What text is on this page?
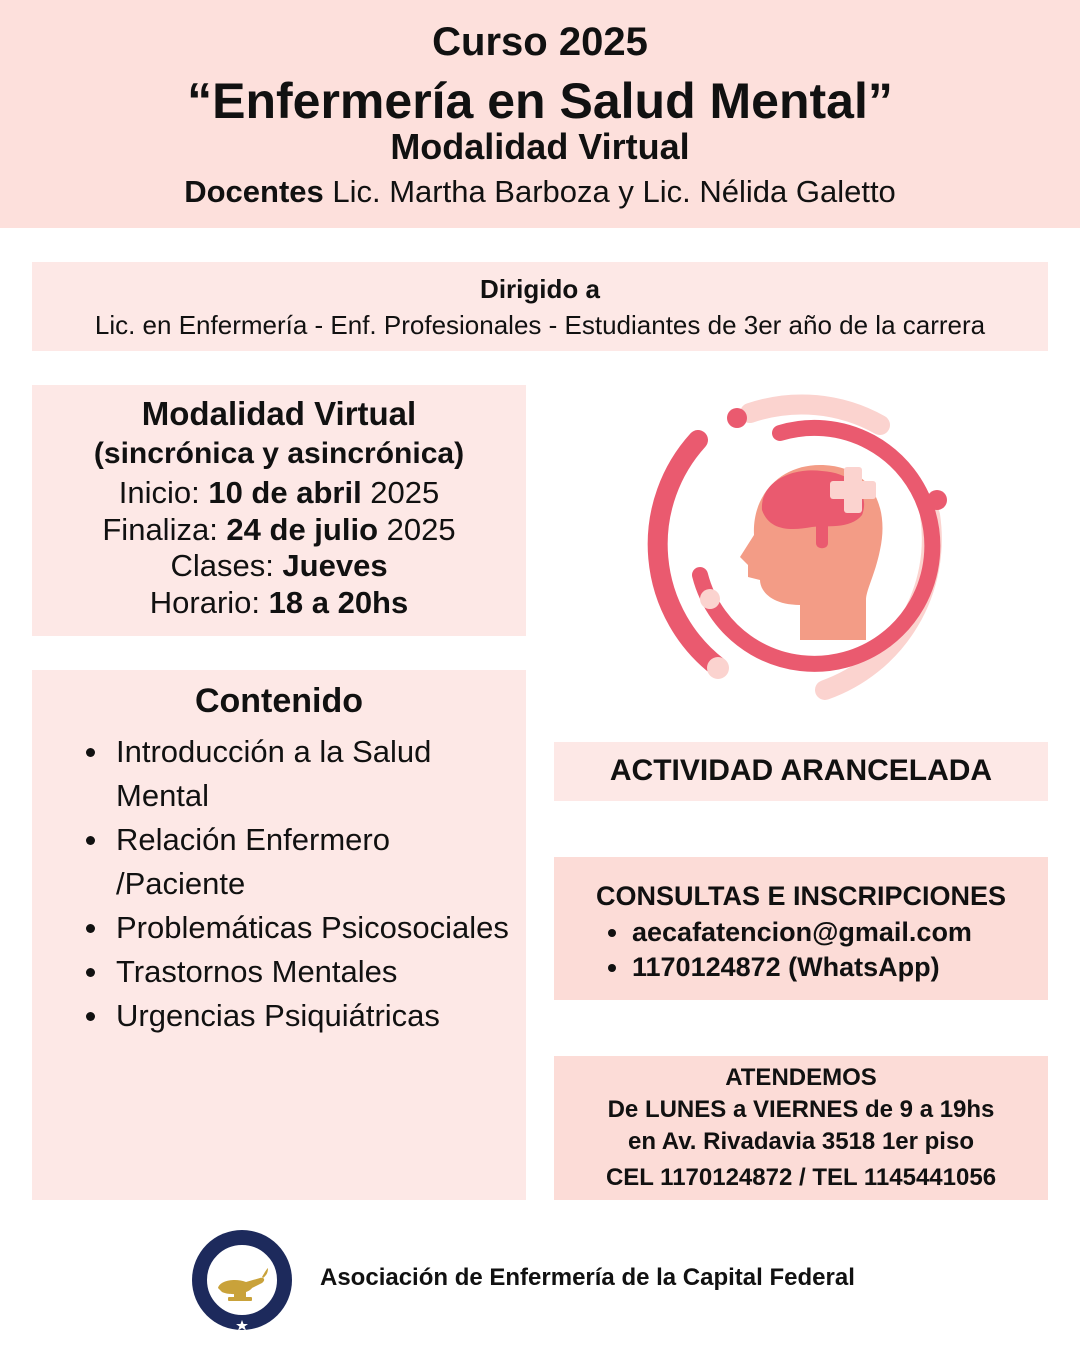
Curso 2025
“Enfermería en Salud Mental”
Modalidad Virtual
Docentes Lic. Martha Barboza y Lic. Nélida Galetto
Dirigido a
Lic. en Enfermería - Enf. Profesionales - Estudiantes de 3er año de la carrera
Modalidad Virtual
(sincrónica y asincrónica)
Inicio: 10 de abril 2025
Finaliza: 24 de julio 2025
Clases: Jueves
Horario: 18 a 20hs
Contenido
Introducción a la Salud Mental
Relación Enfermero /Paciente
Problemáticas Psicosociales
Trastornos Mentales
Urgencias Psiquiátricas
ACTIVIDAD ARANCELADA
CONSULTAS E INSCRIPCIONES
aecafatencion@gmail.com
1170124872 (WhatsApp)
ATENDEMOS
De LUNES a VIERNES de 9 a 19hs
en Av. Rivadavia 3518 1er piso
CEL 1170124872 / TEL 1145441056
Asociación de Enfermería de la Capital Federal
